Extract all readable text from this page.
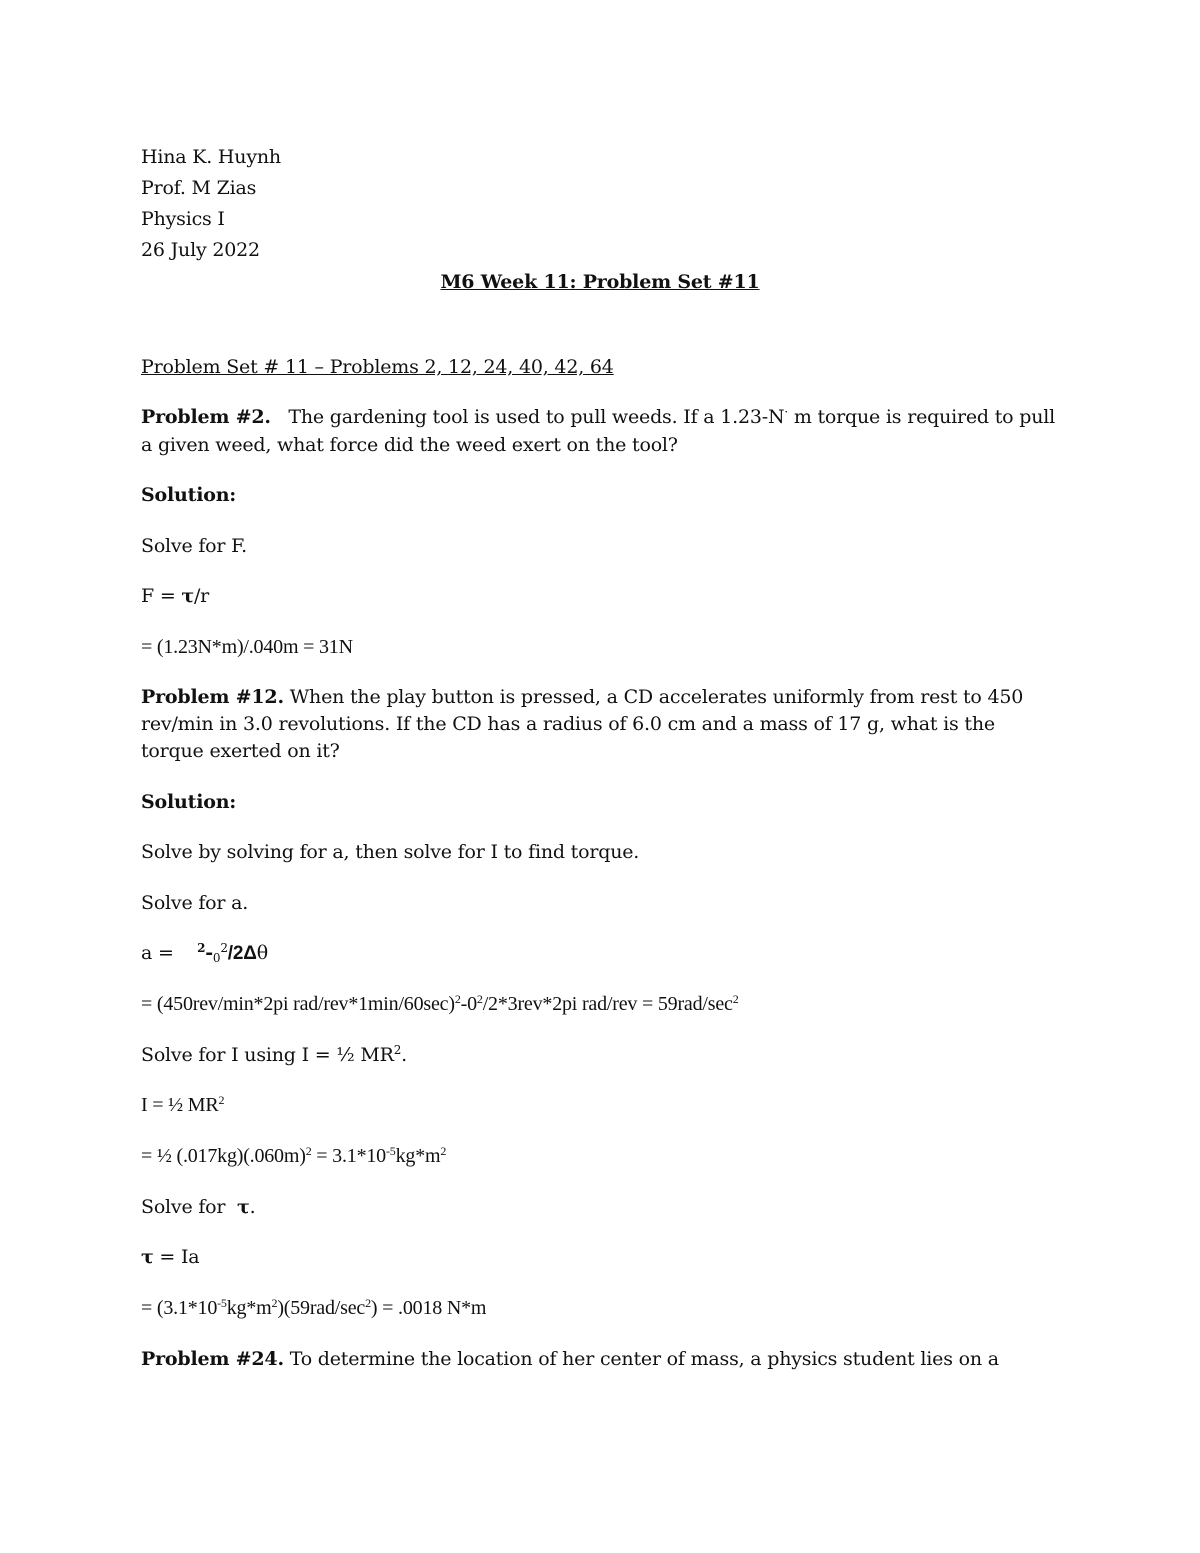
Hina K. Huynh
Prof. M Zias
Physics I
26 July 2022
M6 Week 11: Problem Set #11
Problem Set # 11 – Problems 2, 12, 24, 40, 42, 64
Problem #2. The gardening tool is used to pull weeds. If a 1.23-N· m torque is required to pull
a given weed, what force did the weed exert on the tool?
Solution:
Solve for F.
F = τ/r
= (1.23N*m)/.040m = 31N
Problem #12. When the play button is pressed, a CD accelerates uniformly from rest to 450
rev/min in 3.0 revolutions. If the CD has a radius of 6.0 cm and a mass of 17 g, what is the
torque exerted on it?
Solution:
Solve by solving for a, then solve for I to find torque.
Solve for a.
a =    $^2-_0^2/2\Delta\theta$
= (450rev/min*2pi rad/$rev*1\min/60\sec)^2-0^2/2*3rev*2pi$ $rad/rev = 59rad/\sec^2$
Solve for I using I = ½ $MR^2$.
I = ½ $MR^2$
= ½ $(.017kg)(.060m)^2 = 3.1*10^{-5}kg*m^2$
Solve for  τ.
τ = Ia
= $(3.1*10^{-5}kg*m^2)(59rad/\sec^2) = .0018$ N*m
Problem #24. To determine the location of her center of mass, a physics student lies on a
